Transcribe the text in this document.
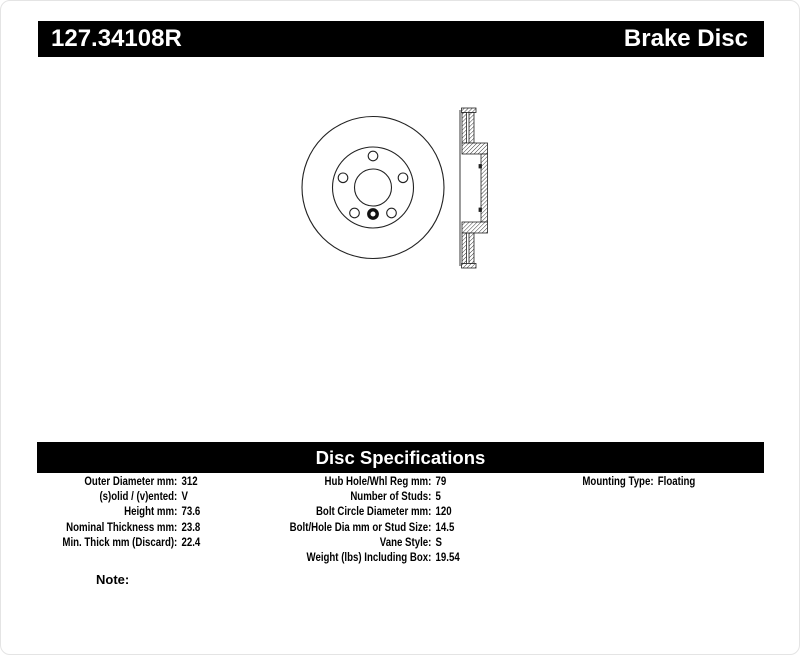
127.34108R	Brake Disc
Disc Specifications
Outer Diameter mm: 312
(s)olid / (v)ented: V
Height mm: 73.6
Nominal Thickness mm: 23.8
Min. Thick mm (Discard): 22.4
Hub Hole/Whl Reg mm: 79
Number of Studs: 5
Bolt Circle Diameter mm: 120
Bolt/Hole Dia mm or Stud Size: 14.5
Vane Style: S
Weight (lbs) Including Box: 19.54
Mounting Type: Floating
Note:
